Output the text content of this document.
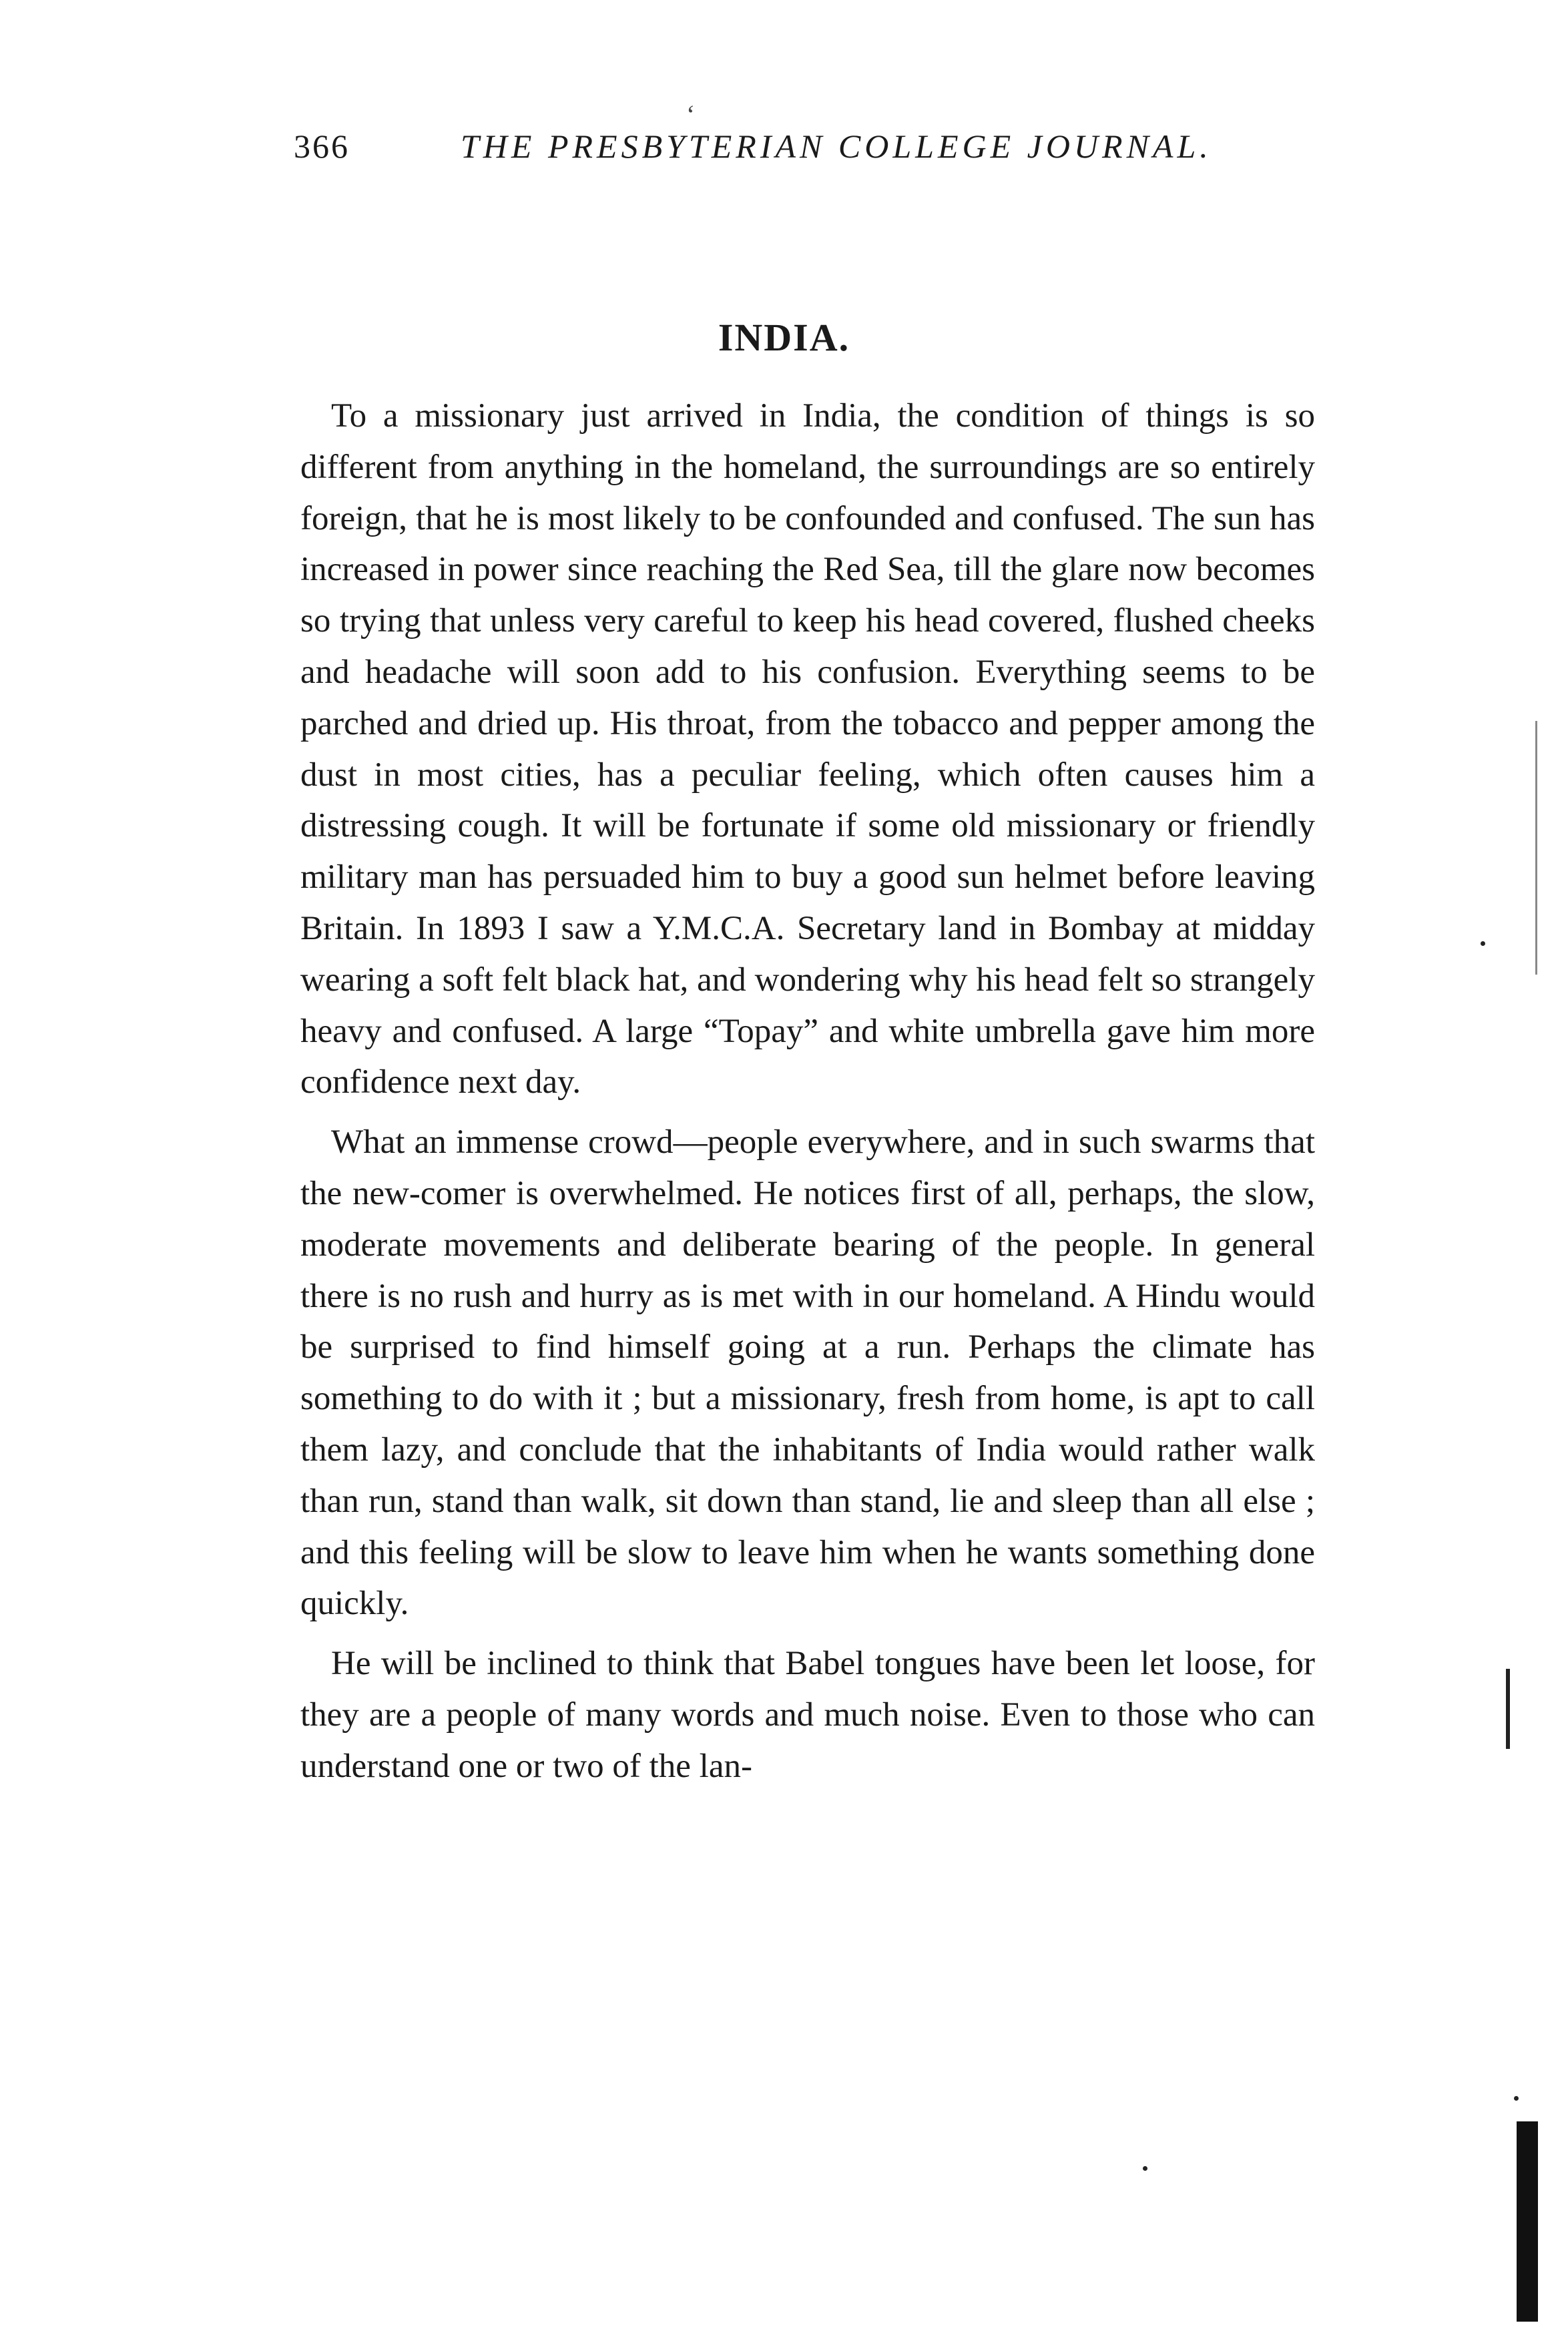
‘
366	THE PRESBYTERIAN COLLEGE JOURNAL.
INDIA.

To a missionary just arrived in India, the condition of things is so different from anything in the homeland, the surroundings are so entirely foreign, that he is most likely to be confounded and confused. The sun has increased in power since reaching the Red Sea, till the glare now becomes so trying that unless very careful to keep his head covered, flushed cheeks and headache will soon add to his confusion. Everything seems to be parched and dried up. His throat, from the tobacco and pepper among the dust in most cities, has a peculiar feeling, which often causes him a distressing cough. It will be fortunate if some old missionary or friendly military man has persuaded him to buy a good sun helmet before leaving Britain. In 1893 I saw a Y.M.C.A. Secretary land in Bombay at midday wearing a soft felt black hat, and wondering why his head felt so strangely heavy and confused. A large “Topay” and white umbrella gave him more confidence next day.

What an immense crowd—people everywhere, and in such swarms that the new-comer is overwhelmed. He notices first of all, perhaps, the slow, moderate movements and deliberate bearing of the people. In general there is no rush and hurry as is met with in our homeland. A Hindu would be surprised to find himself going at a run. Perhaps the climate has something to do with it ; but a missionary, fresh from home, is apt to call them lazy, and conclude that the inhabitants of India would rather walk than run, stand than walk, sit down than stand, lie and sleep than all else ; and this feeling will be slow to leave him when he wants something done quickly.

He will be inclined to think that Babel tongues have been let loose, for they are a people of many words and much noise. Even to those who can understand one or two of the lan-
